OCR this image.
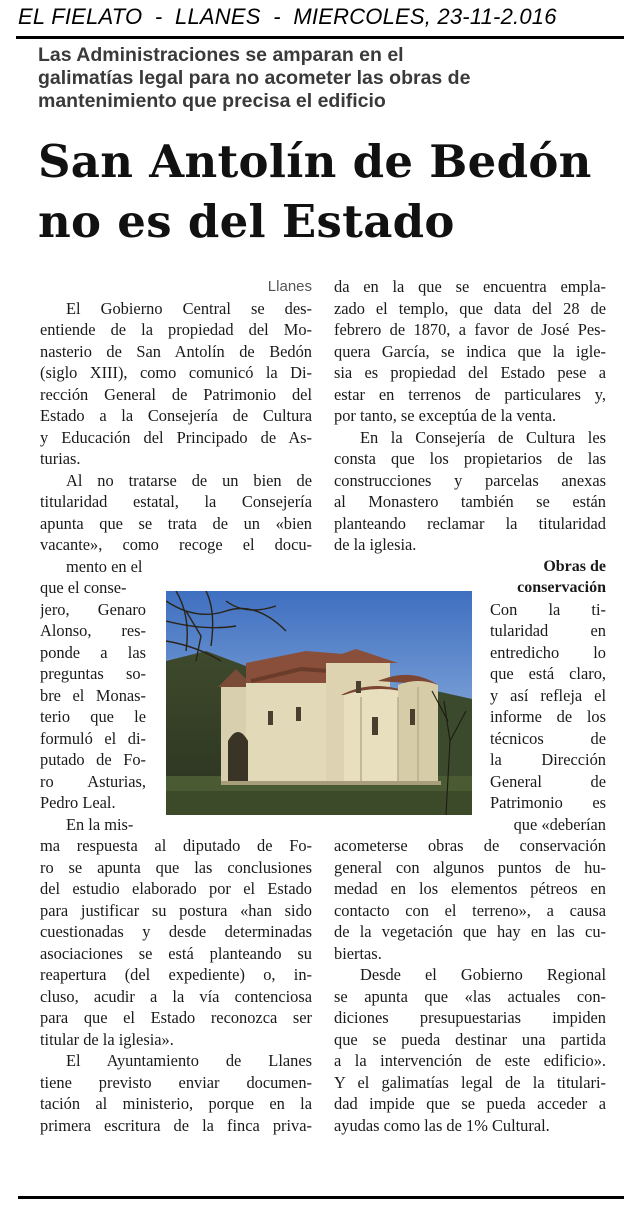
EL FIELATO  -  LLANES  -  MIERCOLES, 23-11-2.016
Las Administraciones se amparan en el
galimatías legal para no acometer las obras de
mantenimiento que precisa el edificio
San Antolín de Bedón
no es del Estado
Llanes
El Gobierno Central se des-
entiende de la propiedad del Mo-
nasterio de San Antolín de Bedón
(siglo XIII), como comunicó la Di-
rección General de Patrimonio del
Estado a la Consejería de Cultura
y Educación del Principado de As-
turias.
Al no tratarse de un bien de
titularidad estatal, la Consejería
apunta que se trata de un «bien
vacante», como recoge el docu-
mento en el
que el conse-
jero, Genaro
Alonso, res-
ponde a las
preguntas so-
bre el Monas-
terio que le
formuló el di-
putado de Fo-
ro Asturias,
Pedro Leal.
En la mis-
ma respuesta al diputado de Fo-
ro se apunta que las conclusiones
del estudio elaborado por el Estado
para justificar su postura «han sido
cuestionadas y desde determinadas
asociaciones se está planteando su
reapertura (del expediente) o, in-
cluso, acudir a la vía contenciosa
para que el Estado reconozca ser
titular de la iglesia».
El Ayuntamiento de Llanes
tiene previsto enviar documen-
tación al ministerio, porque en la
primera escritura de la finca priva-
da en la que se encuentra empla-
zado el templo, que data del 28 de
febrero de 1870, a favor de José Pes-
quera García, se indica que la igle-
sia es propiedad del Estado pese a
estar en terrenos de particulares y,
por tanto, se exceptúa de la venta.
En la Consejería de Cultura les
consta que los propietarios de las
construcciones y parcelas anexas
al Monastero también se están
planteando reclamar la titularidad
de la iglesia.
Obras de
conservación
Con la ti-
tularidad en
entredicho lo
que está claro,
y así refleja el
informe de los
técnicos de
la Dirección
General de
Patrimonio es
que «deberían
acometerse obras de conservación
general con algunos puntos de hu-
medad en los elementos pétreos en
contacto con el terreno», a causa
de la vegetación que hay en las cu-
biertas.
Desde el Gobierno Regional
se apunta que «las actuales con-
diciones presupuestarias impiden
que se pueda destinar una partida
a la intervención de este edificio».
Y el galimatías legal de la titulari-
dad impide que se pueda acceder a
ayudas como las de 1% Cultural.
